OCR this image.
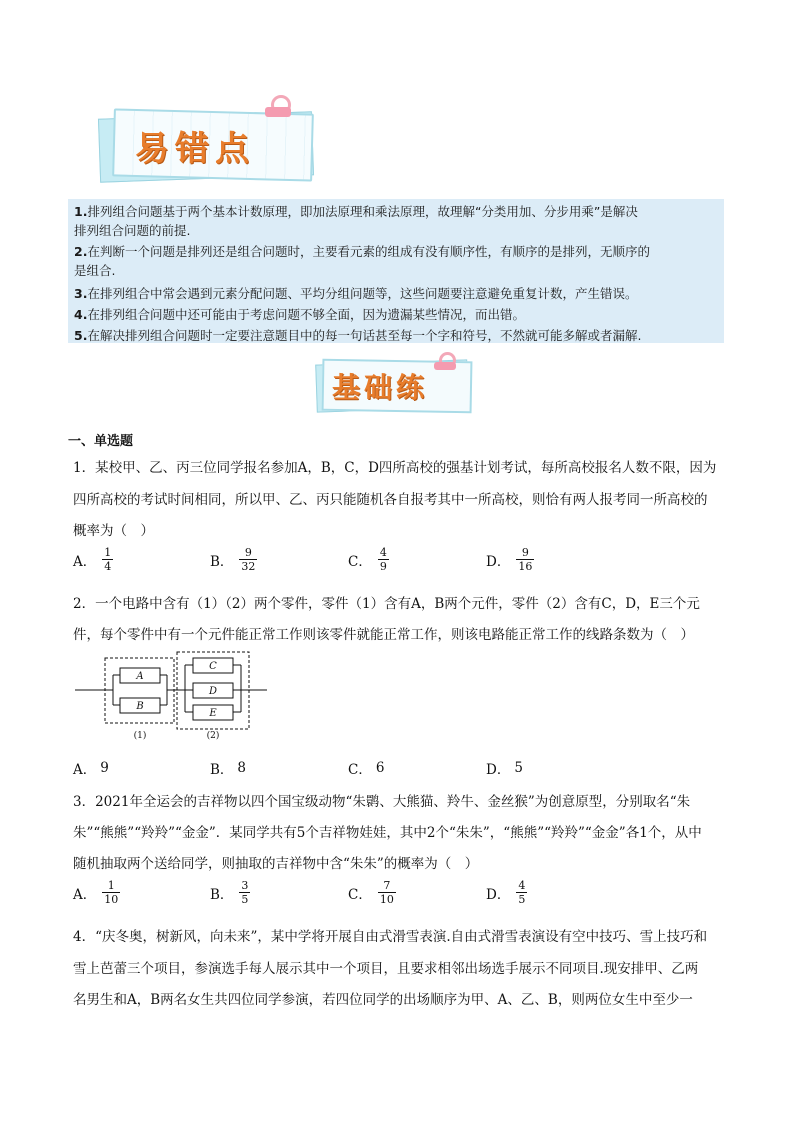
易错点
1.排列组合问题基于两个基本计数原理，即加法原理和乘法原理，故理解“分类用加、分步用乘”是解决
排列组合问题的前提.
2.在判断一个问题是排列还是组合问题时，主要看元素的组成有没有顺序性，有顺序的是排列，无顺序的
是组合.
3.在排列组合中常会遇到元素分配问题、平均分组问题等，这些问题要注意避免重复计数，产生错误。
4.在排列组合问题中还可能由于考虑问题不够全面，因为遗漏某些情况，而出错。
5.在解决排列组合问题时一定要注意题目中的每一句话甚至每一个字和符号，不然就可能多解或者漏解.
基础练
一、单选题
1．某校甲、乙、丙三位同学报名参加A，B，C，D四所高校的强基计划考试，每所高校报名人数不限，因为
四所高校的考试时间相同，所以甲、乙、丙只能随机各自报考其中一所高校，则恰有两人报考同一所高校的
概率为（　）
A． $\frac{1}{4}$	B． $\frac{9}{32}$	C． $\frac{4}{9}$	D． $\frac{9}{16}$
2．一个电路中含有（1）（2）两个零件，零件（1）含有A，B两个元件，零件（2）含有C，D，E三个元
件，每个零件中有一个元件能正常工作则该零件就能正常工作，则该电路能正常工作的线路条数为（　）
A
B
C
D
E
(1)	(2)
A． 9	B． 8	C． 6	D． 5
3．2021年全运会的吉祥物以四个国宝级动物“朱鹮、大熊猫、羚牛、金丝猴”为创意原型，分别取名“朱
朱”“熊熊”“羚羚”“金金”．某同学共有5个吉祥物娃娃，其中2个“朱朱”，“熊熊”“羚羚”“金金”各1个，从中
随机抽取两个送给同学，则抽取的吉祥物中含“朱朱”的概率为（　）
A． $\frac{1}{10}$	B． $\frac{3}{5}$	C． $\frac{7}{10}$	D． $\frac{4}{5}$
4．“庆冬奥，树新风，向未来”，某中学将开展自由式滑雪表演.自由式滑雪表演设有空中技巧、雪上技巧和
雪上芭蕾三个项目，参演选手每人展示其中一个项目，且要求相邻出场选手展示不同项目.现安排甲、乙两
名男生和A，B两名女生共四位同学参演，若四位同学的出场顺序为甲、A、乙、B，则两位女生中至少一
